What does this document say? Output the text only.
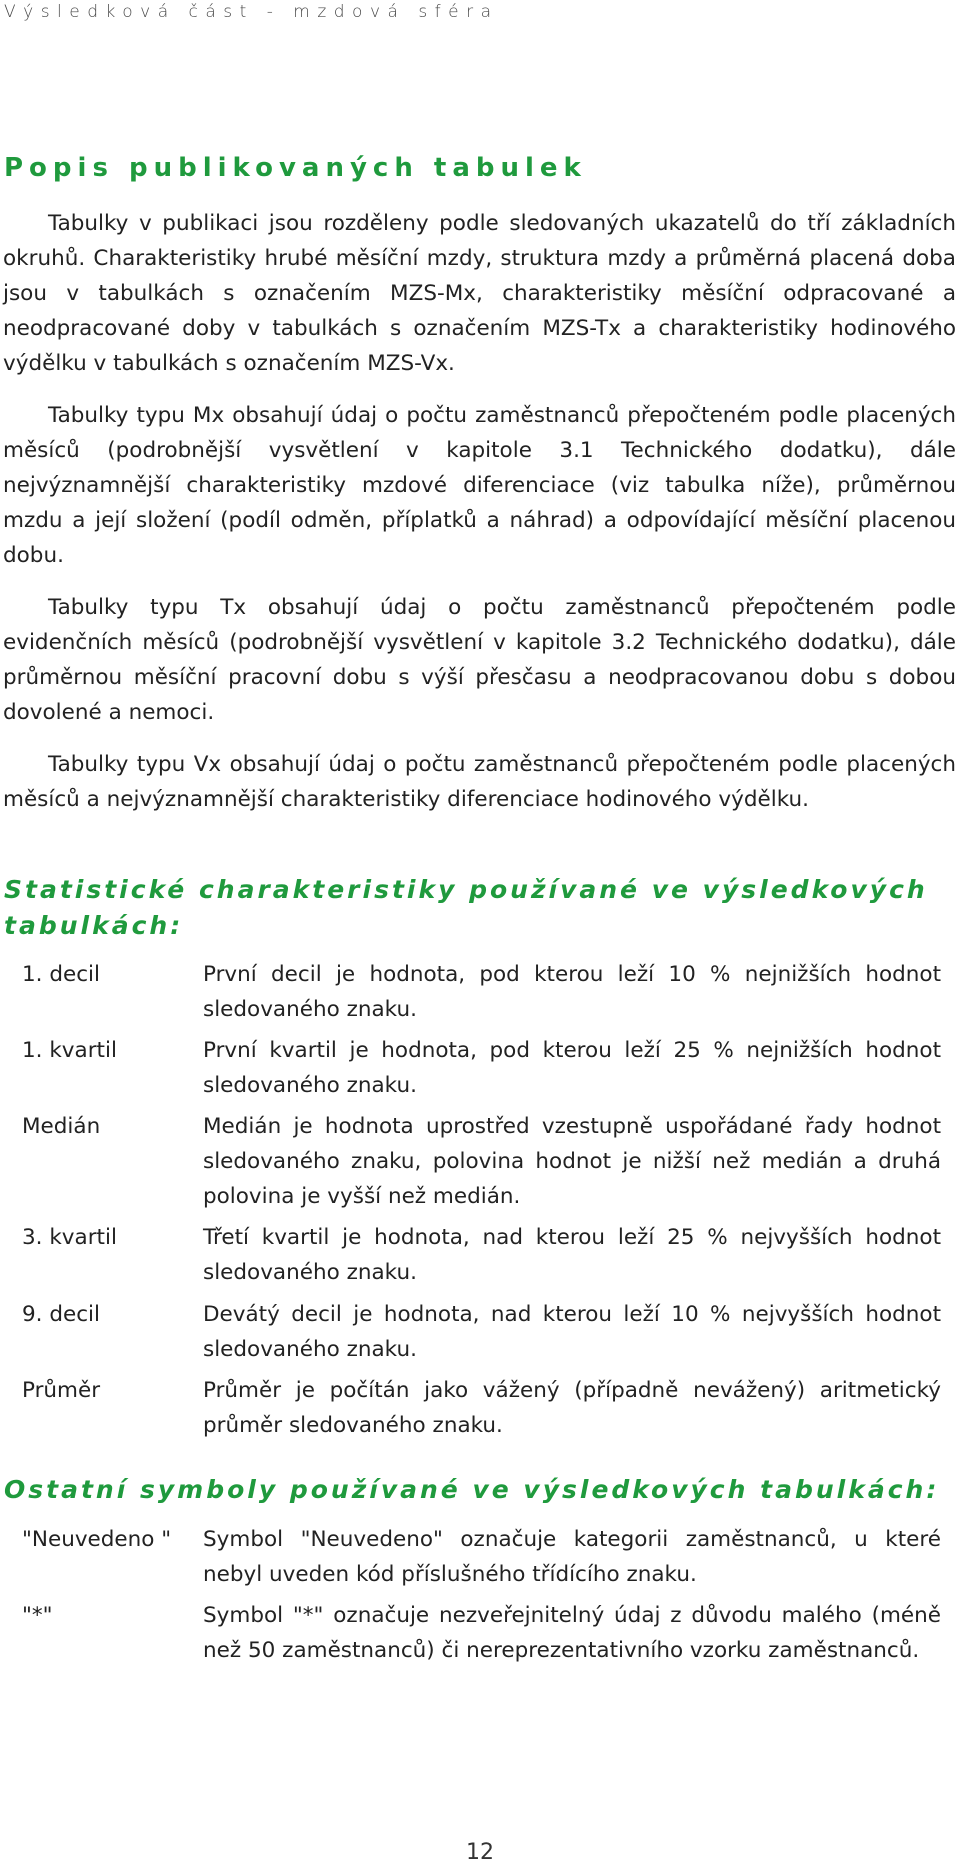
Výsledková část - mzdová sféra
Popis publikovaných tabulek

Tabulky v publikaci jsou rozděleny podle sledovaných ukazatelů do tří základních okruhů. Charakteristiky hrubé měsíční mzdy, struktura mzdy a průměrná placená doba jsou v tabulkách s označením MZS-Mx, charakteristiky měsíční odpracované a neodpracované doby v tabulkách s označením MZS-Tx a charakteristiky hodinového výdělku v tabulkách s označením MZS-Vx.

Tabulky typu Mx obsahují údaj o počtu zaměstnanců přepočteném podle placených měsíců (podrobnější vysvětlení v kapitole 3.1 Technického dodatku), dále nejvýznamnější charakteristiky mzdové diferenciace (viz tabulka níže), průměrnou mzdu a její složení (podíl odměn, příplatků a náhrad) a odpovídající měsíční placenou dobu.

Tabulky typu Tx obsahují údaj o počtu zaměstnanců přepočteném podle evidenčních měsíců (podrobnější vysvětlení v kapitole 3.2 Technického dodatku), dále průměrnou měsíční pracovní dobu s výší přesčasu a neodpracovanou dobu s dobou dovolené a nemoci.

Tabulky typu Vx obsahují údaj o počtu zaměstnanců přepočteném podle placených měsíců a nejvýznamnější charakteristiky diferenciace hodinového výdělku.

Statistické charakteristiky používané ve výsledkových tabulkách:
1. decil	První decil je hodnota, pod kterou leží 10 % nejnižších hodnot sledovaného znaku.
1. kvartil	První kvartil je hodnota, pod kterou leží 25 % nejnižších hodnot sledovaného znaku.
Medián	Medián je hodnota uprostřed vzestupně uspořádané řady hodnot sledovaného znaku, polovina hodnot je nižší než medián a druhá polovina je vyšší než medián.
3. kvartil	Třetí kvartil je hodnota, nad kterou leží 25 % nejvyšších hodnot sledovaného znaku.
9. decil	Devátý decil je hodnota, nad kterou leží 10 % nejvyšších hodnot sledovaného znaku.
Průměr	Průměr je počítán jako vážený (případně nevážený) aritmetický průměr sledovaného znaku.
Ostatní symboly používané ve výsledkových tabulkách:
"Neuvedeno "	Symbol "Neuvedeno" označuje kategorii zaměstnanců, u které nebyl uveden kód příslušného třídícího znaku.
"*"	Symbol "*" označuje nezveřejnitelný údaj z důvodu malého (méně než 50 zaměstnanců) či nereprezentativního vzorku zaměstnanců.
12
